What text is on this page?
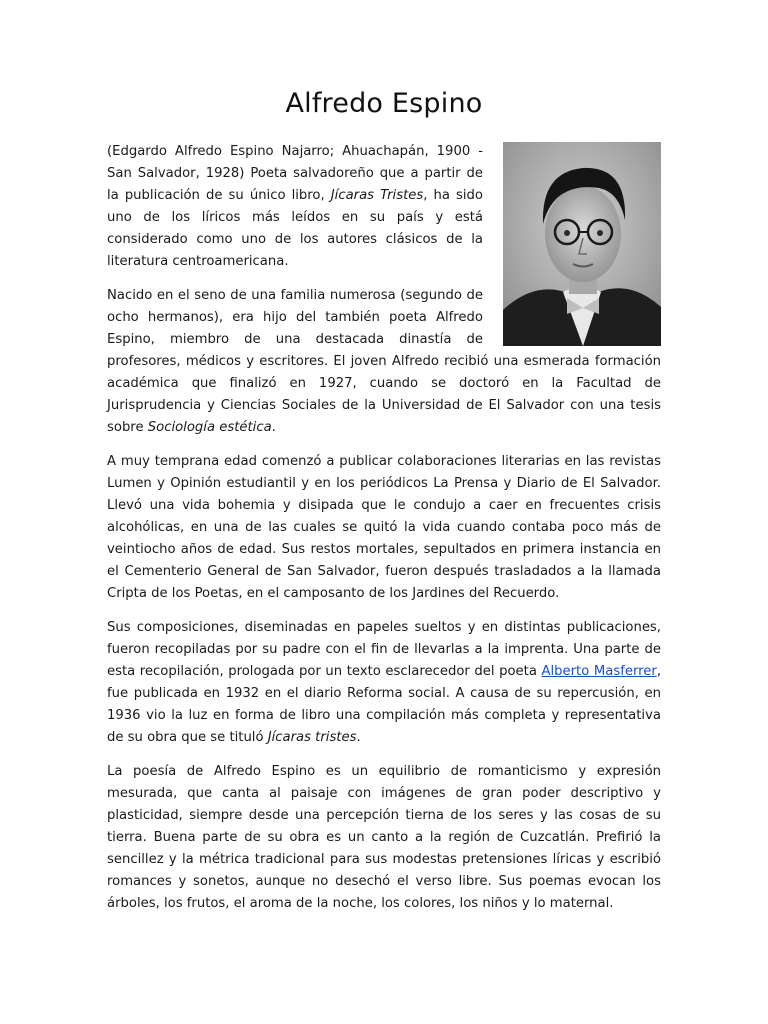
Alfredo Espino

(Edgardo Alfredo Espino Najarro; Ahuachapán, 1900 - San Salvador, 1928) Poeta salvadoreño que a partir de la publicación de su único libro, Jícaras Tristes, ha sido uno de los líricos más leídos en su país y está considerado como uno de los autores clásicos de la literatura centroamericana.

Nacido en el seno de una familia numerosa (segundo de ocho hermanos), era hijo del también poeta Alfredo Espino, miembro de una destacada dinastía de profesores, médicos y escritores. El joven Alfredo recibió una esmerada formación académica que finalizó en 1927, cuando se doctoró en la Facultad de Jurisprudencia y Ciencias Sociales de la Universidad de El Salvador con una tesis sobre Sociología estética.

A muy temprana edad comenzó a publicar colaboraciones literarias en las revistas Lumen y Opinión estudiantil y en los periódicos La Prensa y Diario de El Salvador. Llevó una vida bohemia y disipada que le condujo a caer en frecuentes crisis alcohólicas, en una de las cuales se quitó la vida cuando contaba poco más de veintiocho años de edad. Sus restos mortales, sepultados en primera instancia en el Cementerio General de San Salvador, fueron después trasladados a la llamada Cripta de los Poetas, en el camposanto de los Jardines del Recuerdo.

Sus composiciones, diseminadas en papeles sueltos y en distintas publicaciones, fueron recopiladas por su padre con el fin de llevarlas a la imprenta. Una parte de esta recopilación, prologada por un texto esclarecedor del poeta Alberto Masferrer, fue publicada en 1932 en el diario Reforma social. A causa de su repercusión, en 1936 vio la luz en forma de libro una compilación más completa y representativa de su obra que se tituló Jícaras tristes.

La poesía de Alfredo Espino es un equilibrio de romanticismo y expresión mesurada, que canta al paisaje con imágenes de gran poder descriptivo y plasticidad, siempre desde una percepción tierna de los seres y las cosas de su tierra. Buena parte de su obra es un canto a la región de Cuzcatlán. Prefirió la sencillez y la métrica tradicional para sus modestas pretensiones líricas y escribió romances y sonetos, aunque no desechó el verso libre. Sus poemas evocan los árboles, los frutos, el aroma de la noche, los colores, los niños y lo maternal.
